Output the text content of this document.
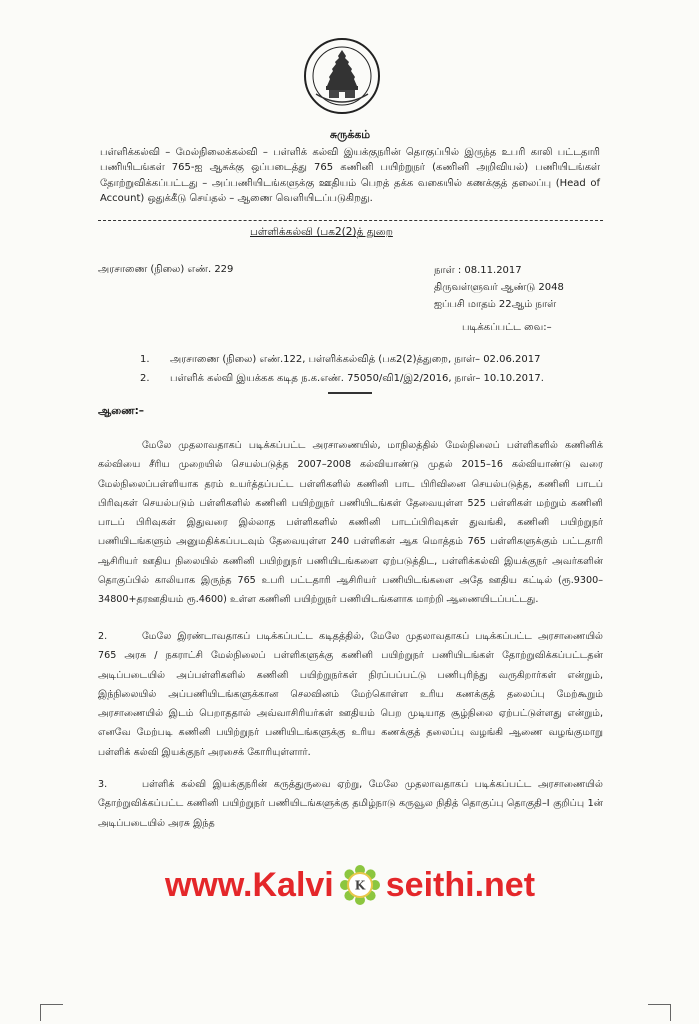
சுருக்கம்
பள்ளிக்கல்வி – மேல்நிலைக்கல்வி – பள்ளிக் கல்வி இயக்குநரின் தொகுப்பில் இருந்த உபரி காலி பட்டதாரி பணியிடங்கள் 765-ஐ ஆசுக்கு ஒப்படைத்து 765 கணினி பயிற்றுநர் (கணினி அறிவியல்) பணியிடங்கள் தோற்றுவிக்கப்பட்டது – அப்பணியிடங்களுக்கு ஊதியம் பெறத் தக்க வகையில் கணக்குத் தலைப்பு (Head of Account) ஒதுக்கீடு செய்தல் – ஆணை வெளியிடப்படுகிறது.
பள்ளிக்கல்வி (பக2(2)த் துறை
அரசாணை (நிலை) எண். 229	நாள் : 08.11.2017
திருவள்ளுவர் ஆண்டு 2048
ஐப்பசி மாதம் 22ஆம் நாள்
படிக்கப்பட்ட வை:–
1. அரசாணை (நிலை) எண்.122, பள்ளிக்கல்வித் (பக2(2)த்துறை, நாள்– 02.06.2017
2. பள்ளிக் கல்வி இயக்கக கடித ந.க.எண். 75050/வி1/இ2/2016, நாள்– 10.10.2017.
ஆணை:–
மேலே முதலாவதாகப் படிக்கப்பட்ட அரசாணையில், மாநிலத்தில் மேல்நிலைப் பள்ளிகளில் கணினிக் கல்வியை சீரிய முறையில் செயல்படுத்த 2007–2008 கல்வியாண்டு முதல் 2015–16 கல்வியாண்டு வரை மேல்நிலைப்பள்ளியாக தரம் உயர்த்தப்பட்ட பள்ளிகளில் கணினி பாட பிரிவினை செயல்படுத்த, கணினி பாடப் பிரிவுகள் செயல்படும் பள்ளிகளில் கணினி பயிற்றுநர் பணியிடங்கள் தேவையுள்ள 525 பள்ளிகள் மற்றும் கணினி பாடப் பிரிவுகள் இதுவரை இல்லாத பள்ளிகளில் கணினி பாடப்பிரிவுகள் துவங்கி, கணினி பயிற்றுநர் பணியிடங்களும் அனுமதிக்கப்படவும் தேவையுள்ள 240 பள்ளிகள் ஆக மொத்தம் 765 பள்ளிகளுக்கும் பட்டதாரி ஆசிரியர் ஊதிய நிலையில் கணினி பயிற்றுநர் பணியிடங்களை ஏற்படுத்திட, பள்ளிக்கல்வி இயக்குநர் அவர்களின் தொகுப்பில் காலியாக இருந்த 765 உபரி பட்டதாரி ஆசிரியர் பணியிடங்களை அதே ஊதிய கட்டில் (ரூ.9300–34800+தரஊதியம் ரூ.4600) உள்ள கணினி பயிற்றுநர் பணியிடங்களாக மாற்றி ஆணையிடப்பட்டது.
2.	மேலே இரண்டாவதாகப் படிக்கப்பட்ட கடிதத்தில், மேலே முதலாவதாகப் படிக்கப்பட்ட அரசாணையில் 765 அரசு / நகராட்சி மேல்நிலைப் பள்ளிகளுக்கு கணினி பயிற்றுநர் பணியிடங்கள் தோற்றுவிக்கப்பட்டதன் அடிப்படையில் அப்பள்ளிகளில் கணினி பயிற்றுநர்கள் நிரப்பப்பட்டு பணிபுரிந்து வருகிறார்கள் என்றும், இந்நிலையில் அப்பணியிடங்களுக்கான செலவினம் மேற்கொள்ள உரிய கணக்குத் தலைப்பு மேற்கூறும் அரசாணையில் இடம் பெறாததால் அவ்வாசிரியர்கள் ஊதியம் பெற முடியாத சூழ்நிலை ஏற்பட்டுள்ளது என்றும், எனவே மேற்படி கணினி பயிற்றுநர் பணியிடங்களுக்கு உரிய கணக்குத் தலைப்பு வழங்கி ஆணை வழங்குமாறு பள்ளிக் கல்வி இயக்குநர் அரசைக் கோரியுள்ளார்.
3.	பள்ளிக் கல்வி இயக்குநரின் கருத்துருவை ஏற்று, மேலே முதலாவதாகப் படிக்கப்பட்ட அரசாணையில் தோற்றுவிக்கப்பட்ட கணினி பயிற்றுநர் பணியிடங்களுக்கு தமிழ்நாடு கருவூல நிதித் தொகுப்பு தொகுதி–I குறிப்பு 1ன் அடிப்படையில் அரசு இந்த
www.Kalvi K seithi.net
